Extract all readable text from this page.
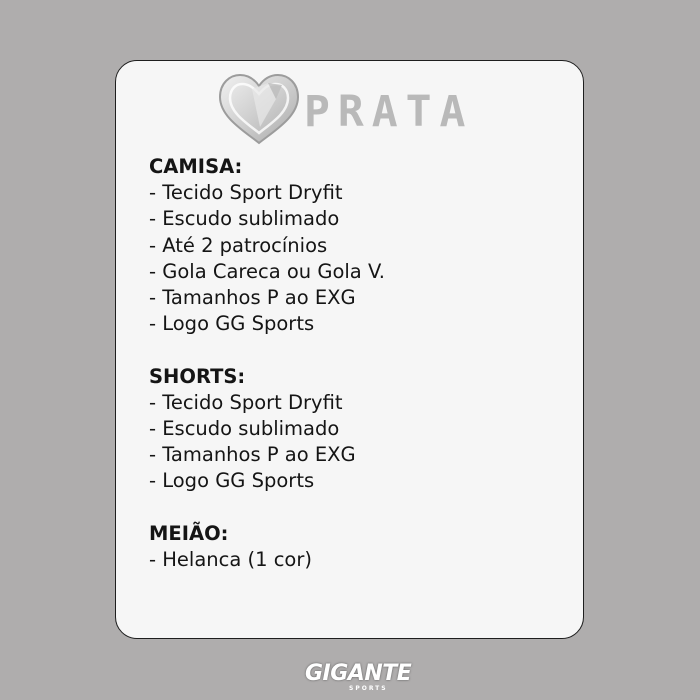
PRATA
CAMISA:
- Tecido Sport Dryfit
- Escudo sublimado
- Até 2 patrocínios
- Gola Careca ou Gola V.
- Tamanhos P ao EXG
- Logo GG Sports
SHORTS:
- Tecido Sport Dryfit
- Escudo sublimado
- Tamanhos P ao EXG
- Logo GG Sports
MEIÃO:
- Helanca (1 cor)
GIGANTE
SPORTS
